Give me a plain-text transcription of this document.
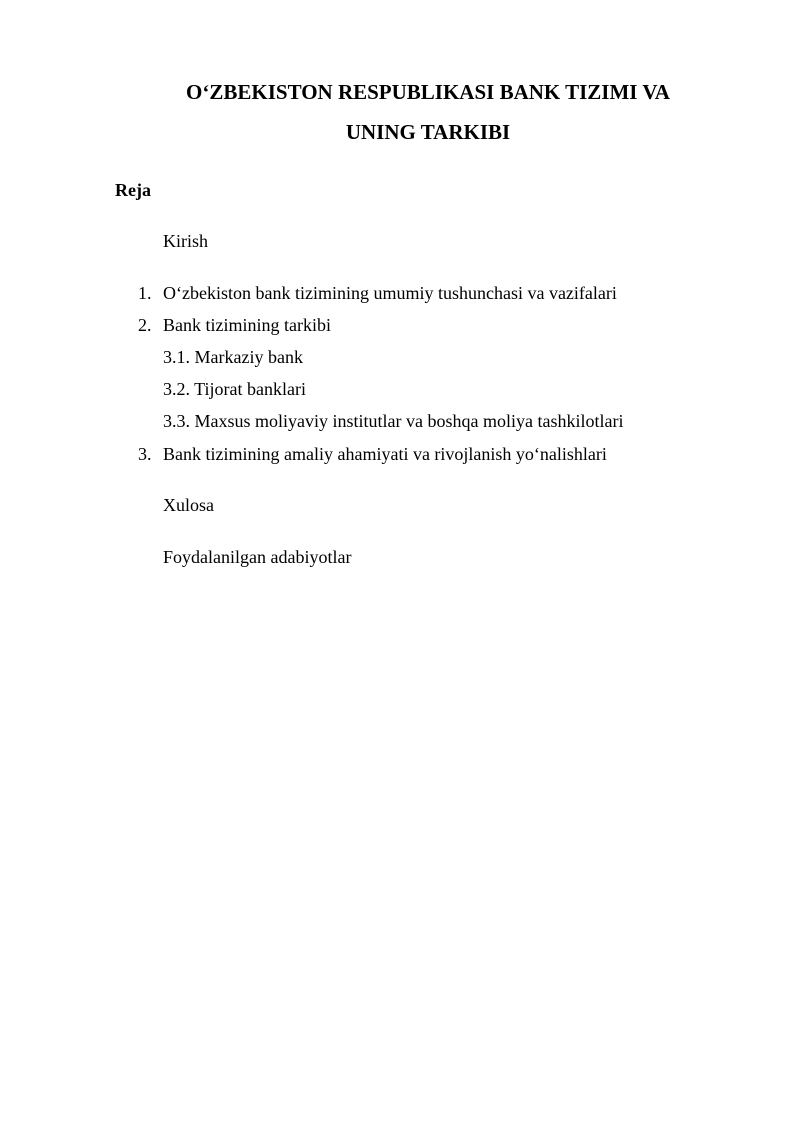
O‘ZBEKISTON RESPUBLIKASI BANK TIZIMI VA
UNING TARKIBI
Reja
Kirish
1. O‘zbekiston bank tizimining umumiy tushunchasi va vazifalari
2. Bank tizimining tarkibi
3.1. Markaziy bank
3.2. Tijorat banklari
3.3. Maxsus moliyaviy institutlar va boshqa moliya tashkilotlari
3. Bank tizimining amaliy ahamiyati va rivojlanish yo‘nalishlari
Xulosa
Foydalanilgan adabiyotlar
